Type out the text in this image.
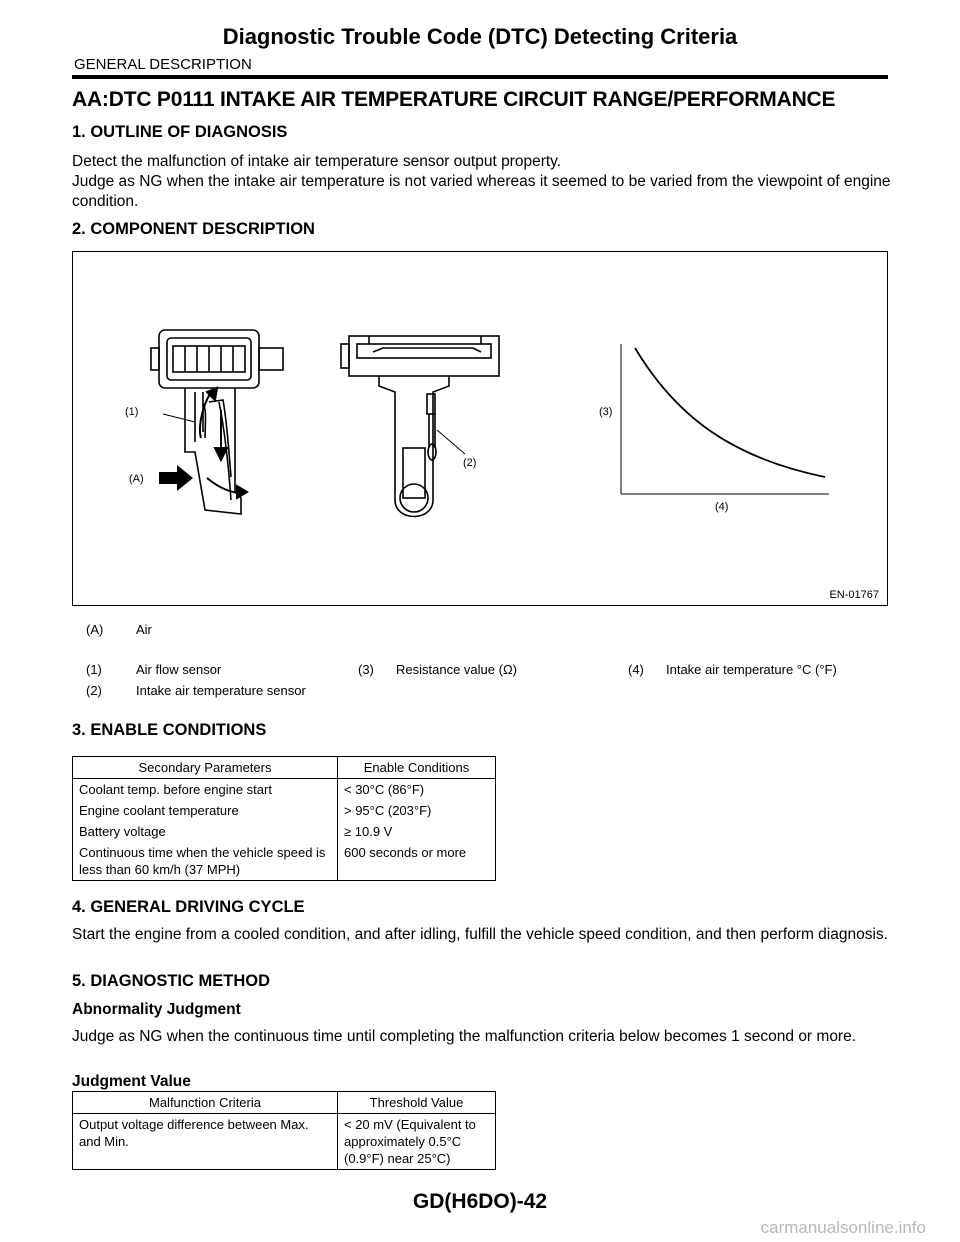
Diagnostic Trouble Code (DTC) Detecting Criteria
GENERAL DESCRIPTION
AA:DTC P0111 INTAKE AIR TEMPERATURE CIRCUIT RANGE/PERFORMANCE
1. OUTLINE OF DIAGNOSIS

Detect the malfunction of intake air temperature sensor output property.

Judge as NG when the intake air temperature is not varied whereas it seemed to be varied from the viewpoint of engine condition.

2. COMPONENT DESCRIPTION
(1)
(A)
(2)
(3)
(4)
EN-01767
(A)	Air
(1)	Air flow sensor	(3) Resistance value (Ω)	(4) Intake air temperature °C (°F)
(2)	Intake air temperature sensor
3. ENABLE CONDITIONS
Secondary Parameters	Enable Conditions
Coolant temp. before engine start	< 30°C (86°F)
Engine coolant temperature	> 95°C (203°F)
Battery voltage	≥ 10.9 V
Continuous time when the vehicle speed is less than 60 km/h (37 MPH)	600 seconds or more
4. GENERAL DRIVING CYCLE

Start the engine from a cooled condition, and after idling, fulfill the vehicle speed condition, and then perform diagnosis.

5. DIAGNOSTIC METHOD
Abnormality Judgment

Judge as NG when the continuous time until completing the malfunction criteria below becomes 1 second or more.

Judgment Value
Malfunction Criteria	Threshold Value
Output voltage difference between Max. and Min.	< 20 mV (Equivalent to approximately 0.5°C (0.9°F) near 25°C)
GD(H6DO)-42
carmanualsonline.info
